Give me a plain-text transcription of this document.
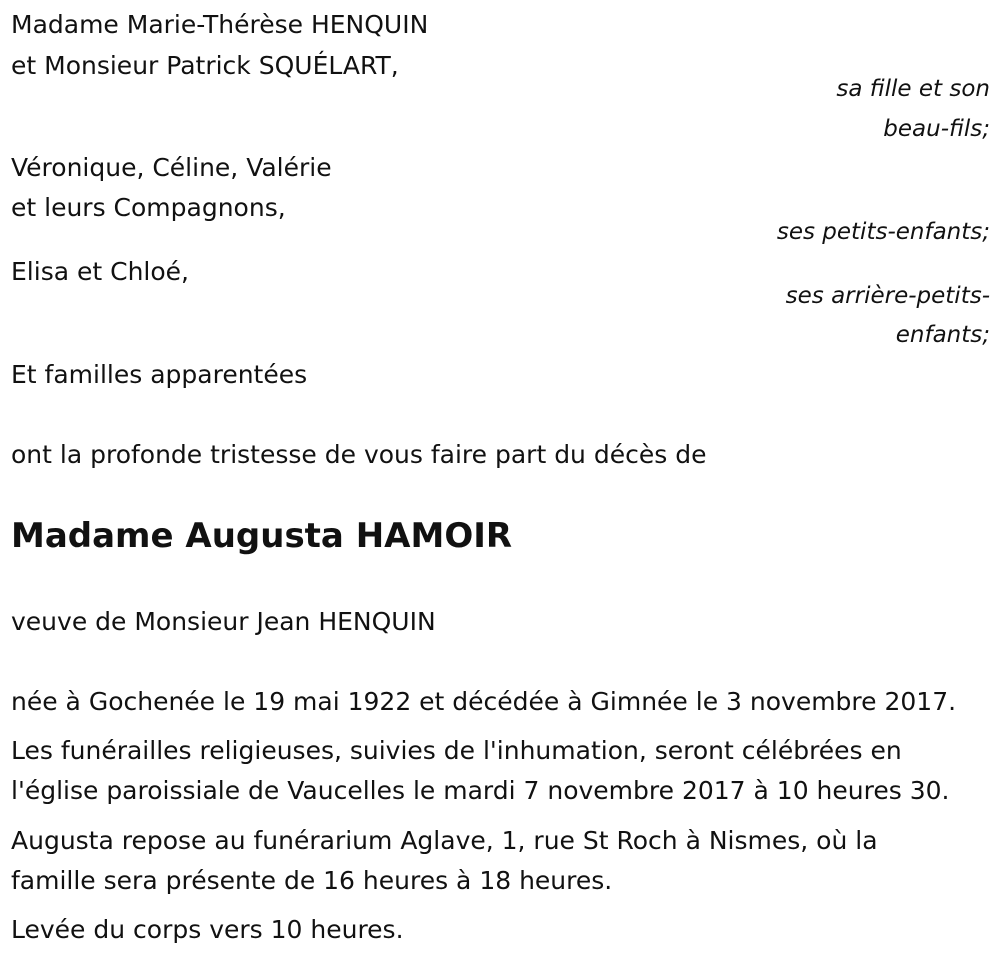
Madame Marie-Thérèse HENQUIN
et Monsieur Patrick SQUÉLART,
sa fille et son
beau-fils;
Véronique, Céline, Valérie
et leurs Compagnons,
ses petits-enfants;
Elisa et Chloé,
ses arrière-petits-
enfants;
Et familles apparentées
ont la profonde tristesse de vous faire part du décès de
Madame Augusta HAMOIR
veuve de Monsieur Jean HENQUIN
née à Gochenée le 19 mai 1922 et décédée à Gimnée le 3 novembre 2017.
Les funérailles religieuses, suivies de l'inhumation, seront célébrées en
l'église paroissiale de Vaucelles le mardi 7 novembre 2017 à 10 heures 30.
Augusta repose au funérarium Aglave, 1, rue St Roch à Nismes, où la
famille sera présente de 16 heures à 18 heures.
Levée du corps vers 10 heures.
